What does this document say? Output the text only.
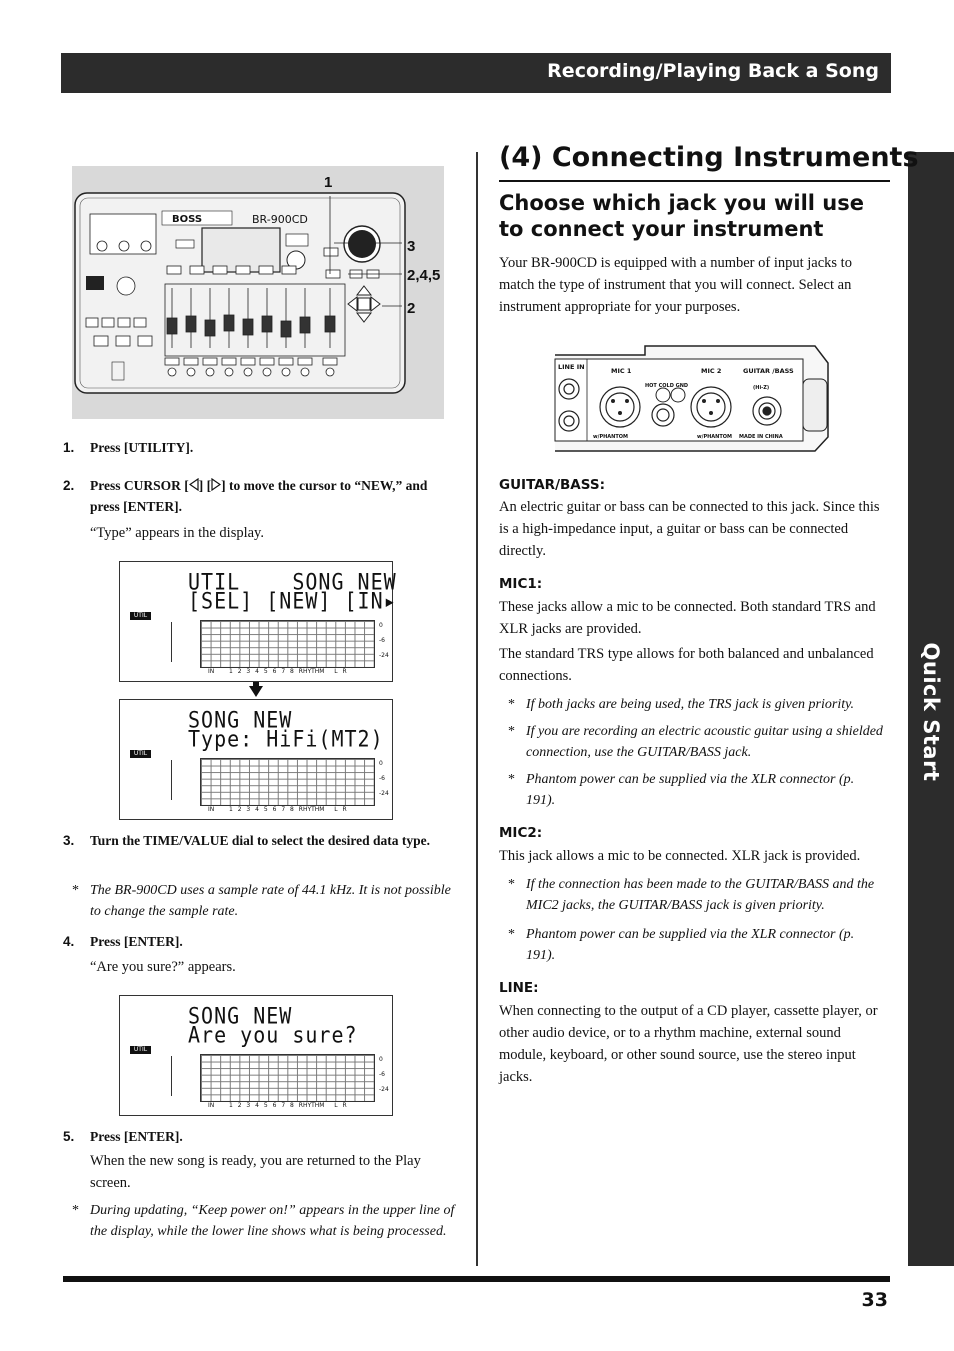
Recording/Playing Back a Song
Quick Start
BOSS	BR-900CD
1
3
2,4,5
2
1. Press [UTILITY].
2. Press CURSOR [ ] [ ] to move the cursor to “NEW,” and press [ENTER].
“Type” appears in the display.
UTIL    SONG NEW
[SEL] [NEW] [IN▸
UTIL
0
-6
-24
IN   1 2 3 4 5 6 7 8 RHYTHM  L R
SONG NEW
Type: HiFi(MT2)
UTIL
0
-6
-24
IN   1 2 3 4 5 6 7 8 RHYTHM  L R
3. Turn the TIME/VALUE dial to select the desired data type.
* The BR-900CD uses a sample rate of 44.1 kHz. It is not possible to change the sample rate.
4. Press [ENTER].
“Are you sure?” appears.
SONG NEW
Are you sure?
UTIL
0
-6
-24
IN   1 2 3 4 5 6 7 8 RHYTHM  L R
5. Press [ENTER].
When the new song is ready, you are returned to the Play screen.
* During updating, “Keep power on!” appears in the upper line of the display, while the lower line shows what is being processed.
(4) Connecting Instruments
Choose which jack you will use to connect your instrument
Your BR-900CD is equipped with a number of input jacks to match the type of instrument that you will connect. Select an instrument appropriate for your purposes.
LINE IN	MIC 1	MIC 2	GUITAR /BASS
(Hi-Z)
HOT COLD GND
w/PHANTOM	w/PHANTOM MADE IN CHINA
GUITAR/BASS:
An electric guitar or bass can be connected to this jack. Since this is a high-impedance input, a guitar or bass can be connected directly.
MIC1:
These jacks allow a mic to be connected. Both standard TRS and XLR jacks are provided.
The standard TRS type allows for both balanced and unbalanced connections.
* If both jacks are being used, the TRS jack is given priority.
* If you are recording an electric acoustic guitar using a shielded connection, use the GUITAR/BASS jack.
* Phantom power can be supplied via the XLR connector (p. 191).
MIC2:
This jack allows a mic to be connected. XLR jack is provided.
* If the connection has been made to the GUITAR/BASS and the MIC2 jacks, the GUITAR/BASS jack is given priority.
* Phantom power can be supplied via the XLR connector (p. 191).
LINE:
When connecting to the output of a CD player, cassette player, or other audio device, or to a rhythm machine, external sound module, keyboard, or other sound source, use the stereo input jacks.
33
